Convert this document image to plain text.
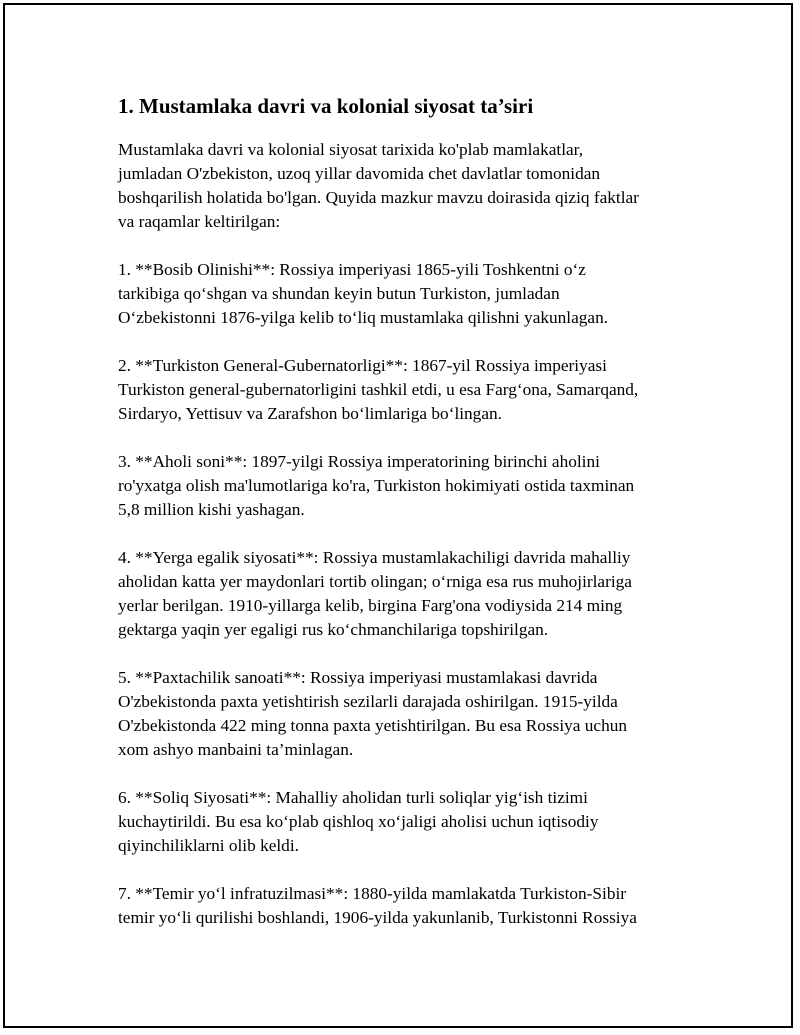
1. Mustamlaka davri va kolonial siyosat ta’siri

Mustamlaka davri va kolonial siyosat tarixida ko'plab mamlakatlar,
jumladan O'zbekiston, uzoq yillar davomida chet davlatlar tomonidan
boshqarilish holatida bo'lgan. Quyida mazkur mavzu doirasida qiziq faktlar
va raqamlar keltirilgan:

1. **Bosib Olinishi**: Rossiya imperiyasi 1865-yili Toshkentni o‘z
tarkibiga qo‘shgan va shundan keyin butun Turkiston, jumladan
O‘zbekistonni 1876-yilga kelib to‘liq mustamlaka qilishni yakunlagan.

2. **Turkiston General-Gubernatorligi**: 1867-yil Rossiya imperiyasi
Turkiston general-gubernatorligini tashkil etdi, u esa Farg‘ona, Samarqand,
Sirdaryo, Yettisuv va Zarafshon bo‘limlariga bo‘lingan.

3. **Aholi soni**: 1897-yilgi Rossiya imperatorining birinchi aholini
ro'yxatga olish ma'lumotlariga ko'ra, Turkiston hokimiyati ostida taxminan
5,8 million kishi yashagan.

4. **Yerga egalik siyosati**: Rossiya mustamlakachiligi davrida mahalliy
aholidan katta yer maydonlari tortib olingan; o‘rniga esa rus muhojirlariga
yerlar berilgan. 1910-yillarga kelib, birgina Farg'ona vodiysida 214 ming
gektarga yaqin yer egaligi rus ko‘chmanchilariga topshirilgan.

5. **Paxtachilik sanoati**: Rossiya imperiyasi mustamlakasi davrida
O'zbekistonda paxta yetishtirish sezilarli darajada oshirilgan. 1915-yilda
O'zbekistonda 422 ming tonna paxta yetishtirilgan. Bu esa Rossiya uchun
xom ashyo manbaini ta’minlagan.

6. **Soliq Siyosati**: Mahalliy aholidan turli soliqlar yig‘ish tizimi
kuchaytirildi. Bu esa ko‘plab qishloq xo‘jaligi aholisi uchun iqtisodiy
qiyinchiliklarni olib keldi.

7. **Temir yo‘l infratuzilmasi**: 1880-yilda mamlakatda Turkiston-Sibir
temir yo‘li qurilishi boshlandi, 1906-yilda yakunlanib, Turkistonni Rossiya
